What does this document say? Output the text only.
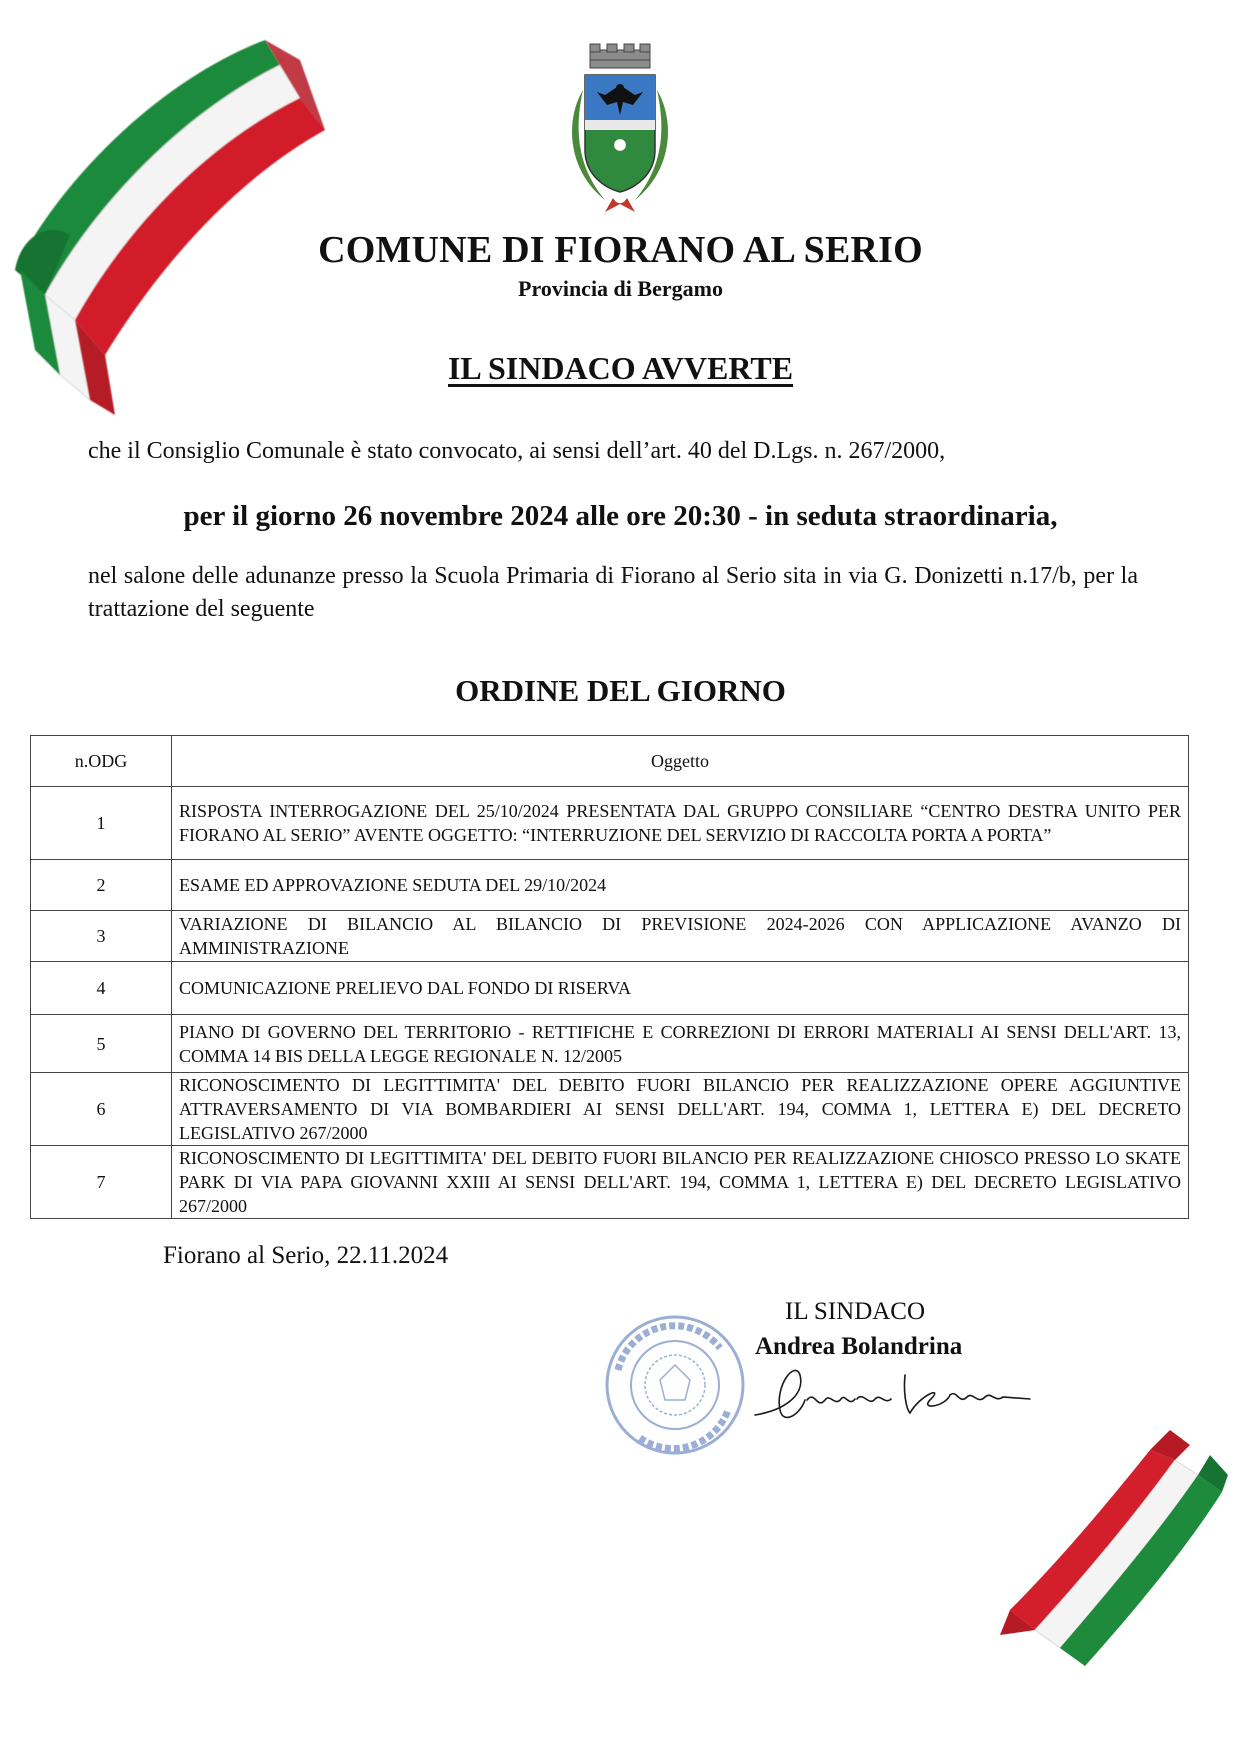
COMUNE DI FIORANO AL SERIO
Provincia di Bergamo
IL SINDACO AVVERTE
che il Consiglio Comunale è stato convocato, ai sensi dell’art. 40 del D.Lgs. n. 267/2000,
per il giorno 26 novembre 2024 alle ore 20:30 - in seduta straordinaria,
nel salone delle adunanze presso la Scuola Primaria di Fiorano al Serio sita in via G. Donizetti n.17/b, per la trattazione del seguente
ORDINE DEL GIORNO
n.ODG	Oggetto
1	RISPOSTA INTERROGAZIONE DEL 25/10/2024 PRESENTATA DAL GRUPPO CONSILIARE “CENTRO DESTRA UNITO PER FIORANO AL SERIO” AVENTE OGGETTO: “INTERRUZIONE DEL SERVIZIO DI RACCOLTA PORTA A PORTA”
2	ESAME ED APPROVAZIONE SEDUTA DEL 29/10/2024
3	VARIAZIONE DI BILANCIO AL BILANCIO DI PREVISIONE 2024-2026 CON APPLICAZIONE AVANZO DI AMMINISTRAZIONE
4	COMUNICAZIONE PRELIEVO DAL FONDO DI RISERVA
5	PIANO DI GOVERNO DEL TERRITORIO - RETTIFICHE E CORREZIONI DI ERRORI MATERIALI AI SENSI DELL'ART. 13, COMMA 14 BIS DELLA LEGGE REGIONALE N. 12/2005
6	RICONOSCIMENTO DI LEGITTIMITA' DEL DEBITO FUORI BILANCIO PER REALIZZAZIONE OPERE AGGIUNTIVE ATTRAVERSAMENTO DI VIA BOMBARDIERI AI SENSI DELL'ART. 194, COMMA 1, LETTERA E) DEL DECRETO LEGISLATIVO 267/2000
7	RICONOSCIMENTO DI LEGITTIMITA' DEL DEBITO FUORI BILANCIO PER REALIZZAZIONE CHIOSCO PRESSO LO SKATE PARK DI VIA PAPA GIOVANNI XXIII AI SENSI DELL'ART. 194, COMMA 1, LETTERA E) DEL DECRETO LEGISLATIVO 267/2000
Fiorano al Serio, 22.11.2024
IL SINDACO
Andrea Bolandrina
